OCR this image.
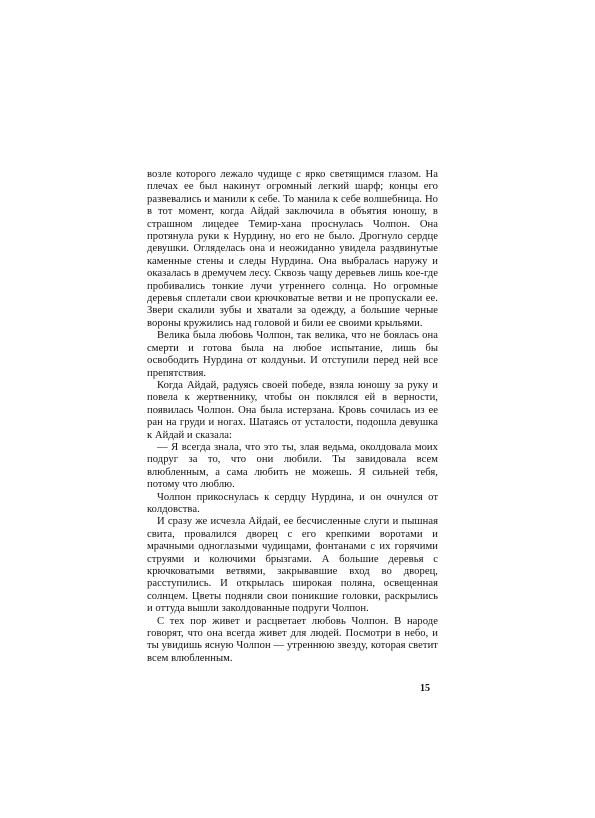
возле которого лежало чудище с ярко светящимся глазом. На плечах ее был накинут огромный легкий шарф; концы его развевались и манили к себе. То манила к себе волшебница. Но в тот момент, когда Айдай заключила в объятия юношу, в страшном лицедее Темир-хана проснулась Чолпон. Она протянула руки к Нурдину, но его не было. Дрогнуло сердце девушки. Огляделась она и неожиданно увидела раздвинутые каменные стены и следы Нурдина. Она выбралась наружу и оказалась в дремучем лесу. Сквозь чащу деревьев лишь кое-где пробивались тонкие лучи утреннего солнца. Но огромные деревья сплетали свои крючковатые ветви и не пропускали ее. Звери скалили зубы и хватали за одежду, а большие черные вороны кружились над головой и били ее своими крыльями.

Велика была любовь Чолпон, так велика, что не боялась она смерти и готова была на любое испытание, лишь бы освободить Нурдина от колдуньи. И отступили перед ней все препятствия.

Когда Айдай, радуясь своей победе, взяла юношу за руку и повела к жертвеннику, чтобы он поклялся ей в верности, появилась Чолпон. Она была истерзана. Кровь сочилась из ее ран на груди и ногах. Шатаясь от усталости, подошла девушка к Айдай и сказала:

— Я всегда знала, что это ты, злая ведьма, околдовала моих подруг за то, что они любили. Ты завидовала всем влюбленным, а сама любить не можешь. Я сильней тебя, потому что люблю.

Чолпон прикоснулась к сердцу Нурдина, и он очнулся от колдовства.

И сразу же исчезла Айдай, ее бесчисленные слуги и пышная свита, провалился дворец с его крепкими воротами и мрачными одноглазыми чудищами, фонтанами с их горячими струями и колючими брызгами. А большие деревья с крючковатыми ветвями, закрывавшие вход во дворец, расступились. И открылась широкая поляна, освещенная солнцем. Цветы подняли свои поникшие головки, раскрылись и оттуда вышли заколдованные подруги Чолпон.

С тех пор живет и расцветает любовь Чолпон. В народе говорят, что она всегда живет для людей. Посмотри в небо, и ты увидишь ясную Чолпон — утреннюю звезду, которая светит всем влюбленным.

15
